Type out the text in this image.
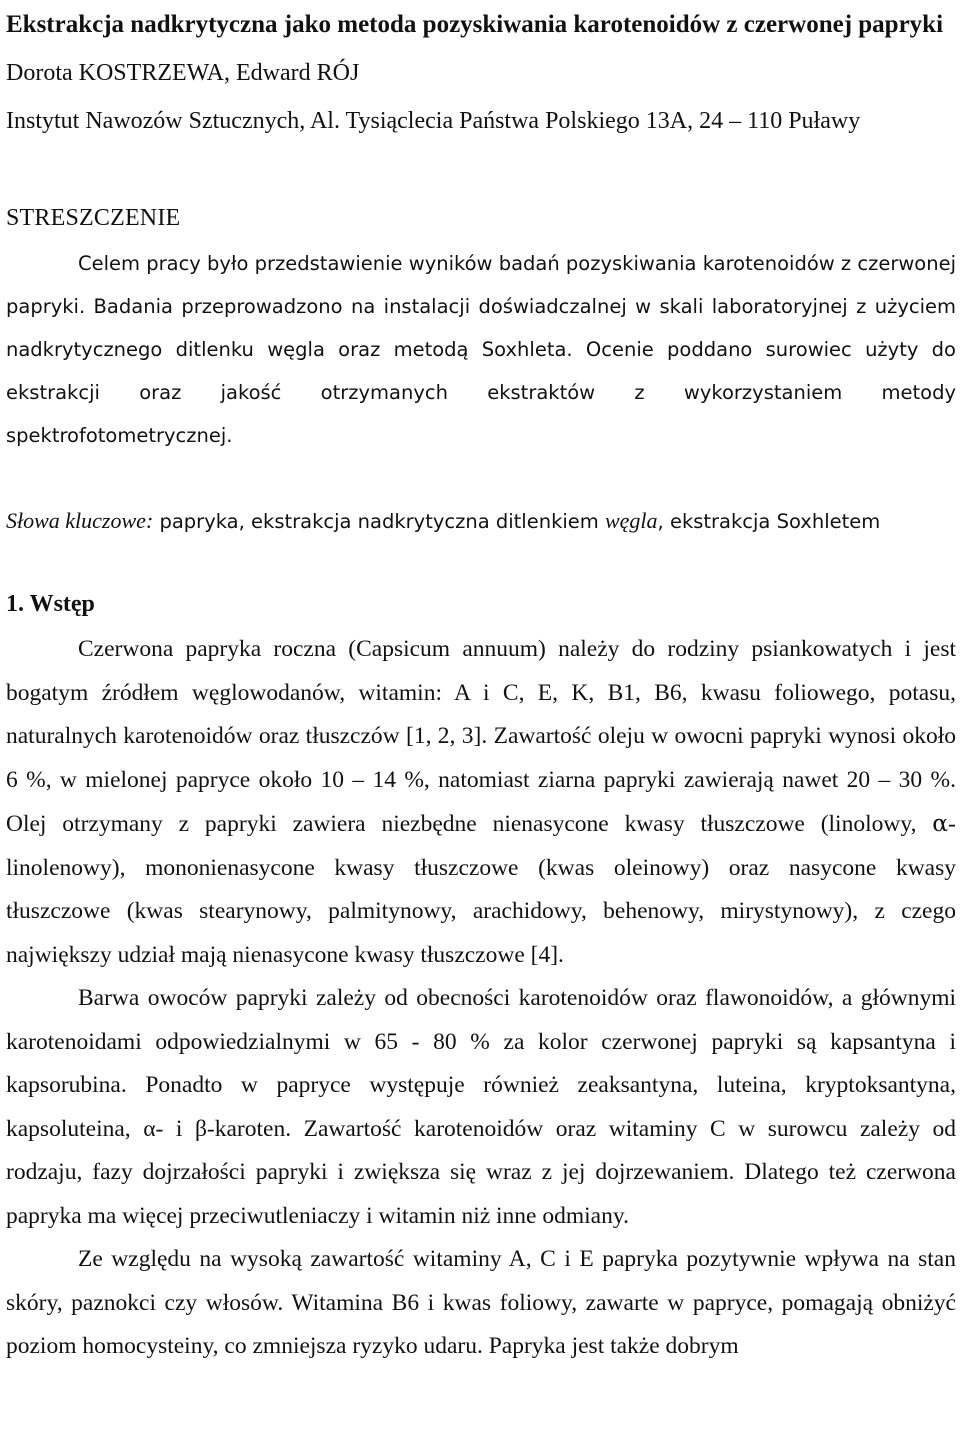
Ekstrakcja nadkrytyczna jako metoda pozyskiwania karotenoidów z czerwonej papryki

Dorota KOSTRZEWA, Edward RÓJ

Instytut Nawozów Sztucznych, Al. Tysiąclecia Państwa Polskiego 13A, 24 – 110 Puławy

STRESZCZENIE

Celem pracy było przedstawienie wyników badań pozyskiwania karotenoidów z czerwonej papryki. Badania przeprowadzono na instalacji doświadczalnej w skali laboratoryjnej z użyciem nadkrytycznego ditlenku węgla oraz metodą Soxhleta. Ocenie poddano surowiec użyty do ekstrakcji oraz jakość otrzymanych ekstraktów z wykorzystaniem metody spektrofotometrycznej.

Słowa kluczowe: papryka, ekstrakcja nadkrytyczna ditlenkiem węgla, ekstrakcja Soxhletem

1. Wstęp

Czerwona papryka roczna (Capsicum annuum) należy do rodziny psiankowatych i jest bogatym źródłem węglowodanów, witamin: A i C, E, K, B1, B6, kwasu foliowego, potasu, naturalnych karotenoidów oraz tłuszczów [1, 2, 3]. Zawartość oleju w owocni papryki wynosi około 6 %, w mielonej papryce około 10 – 14 %, natomiast ziarna papryki zawierają nawet 20 – 30 %. Olej otrzymany z papryki zawiera niezbędne nienasycone kwasy tłuszczowe (linolowy, α-linolenowy), mononienasycone kwasy tłuszczowe (kwas oleinowy) oraz nasycone kwasy tłuszczowe (kwas stearynowy, palmitynowy, arachidowy, behenowy, mirystynowy), z czego największy udział mają nienasycone kwasy tłuszczowe [4].

Barwa owoców papryki zależy od obecności karotenoidów oraz flawonoidów, a głównymi karotenoidami odpowiedzialnymi w 65 - 80 % za kolor czerwonej papryki są kapsantyna i kapsorubina. Ponadto w papryce występuje również zeaksantyna, luteina, kryptoksantyna, kapsoluteina, α- i β-karoten. Zawartość karotenoidów oraz witaminy C w surowcu zależy od rodzaju, fazy dojrzałości papryki i zwiększa się wraz z jej dojrzewaniem. Dlatego też czerwona papryka ma więcej przeciwutleniaczy i witamin niż inne odmiany.

Ze względu na wysoką zawartość witaminy A, C i E papryka pozytywnie wpływa na stan skóry, paznokci czy włosów. Witamina B6 i kwas foliowy, zawarte w papryce, pomagają obniżyć poziom homocysteiny, co zmniejsza ryzyko udaru. Papryka jest także dobrym
